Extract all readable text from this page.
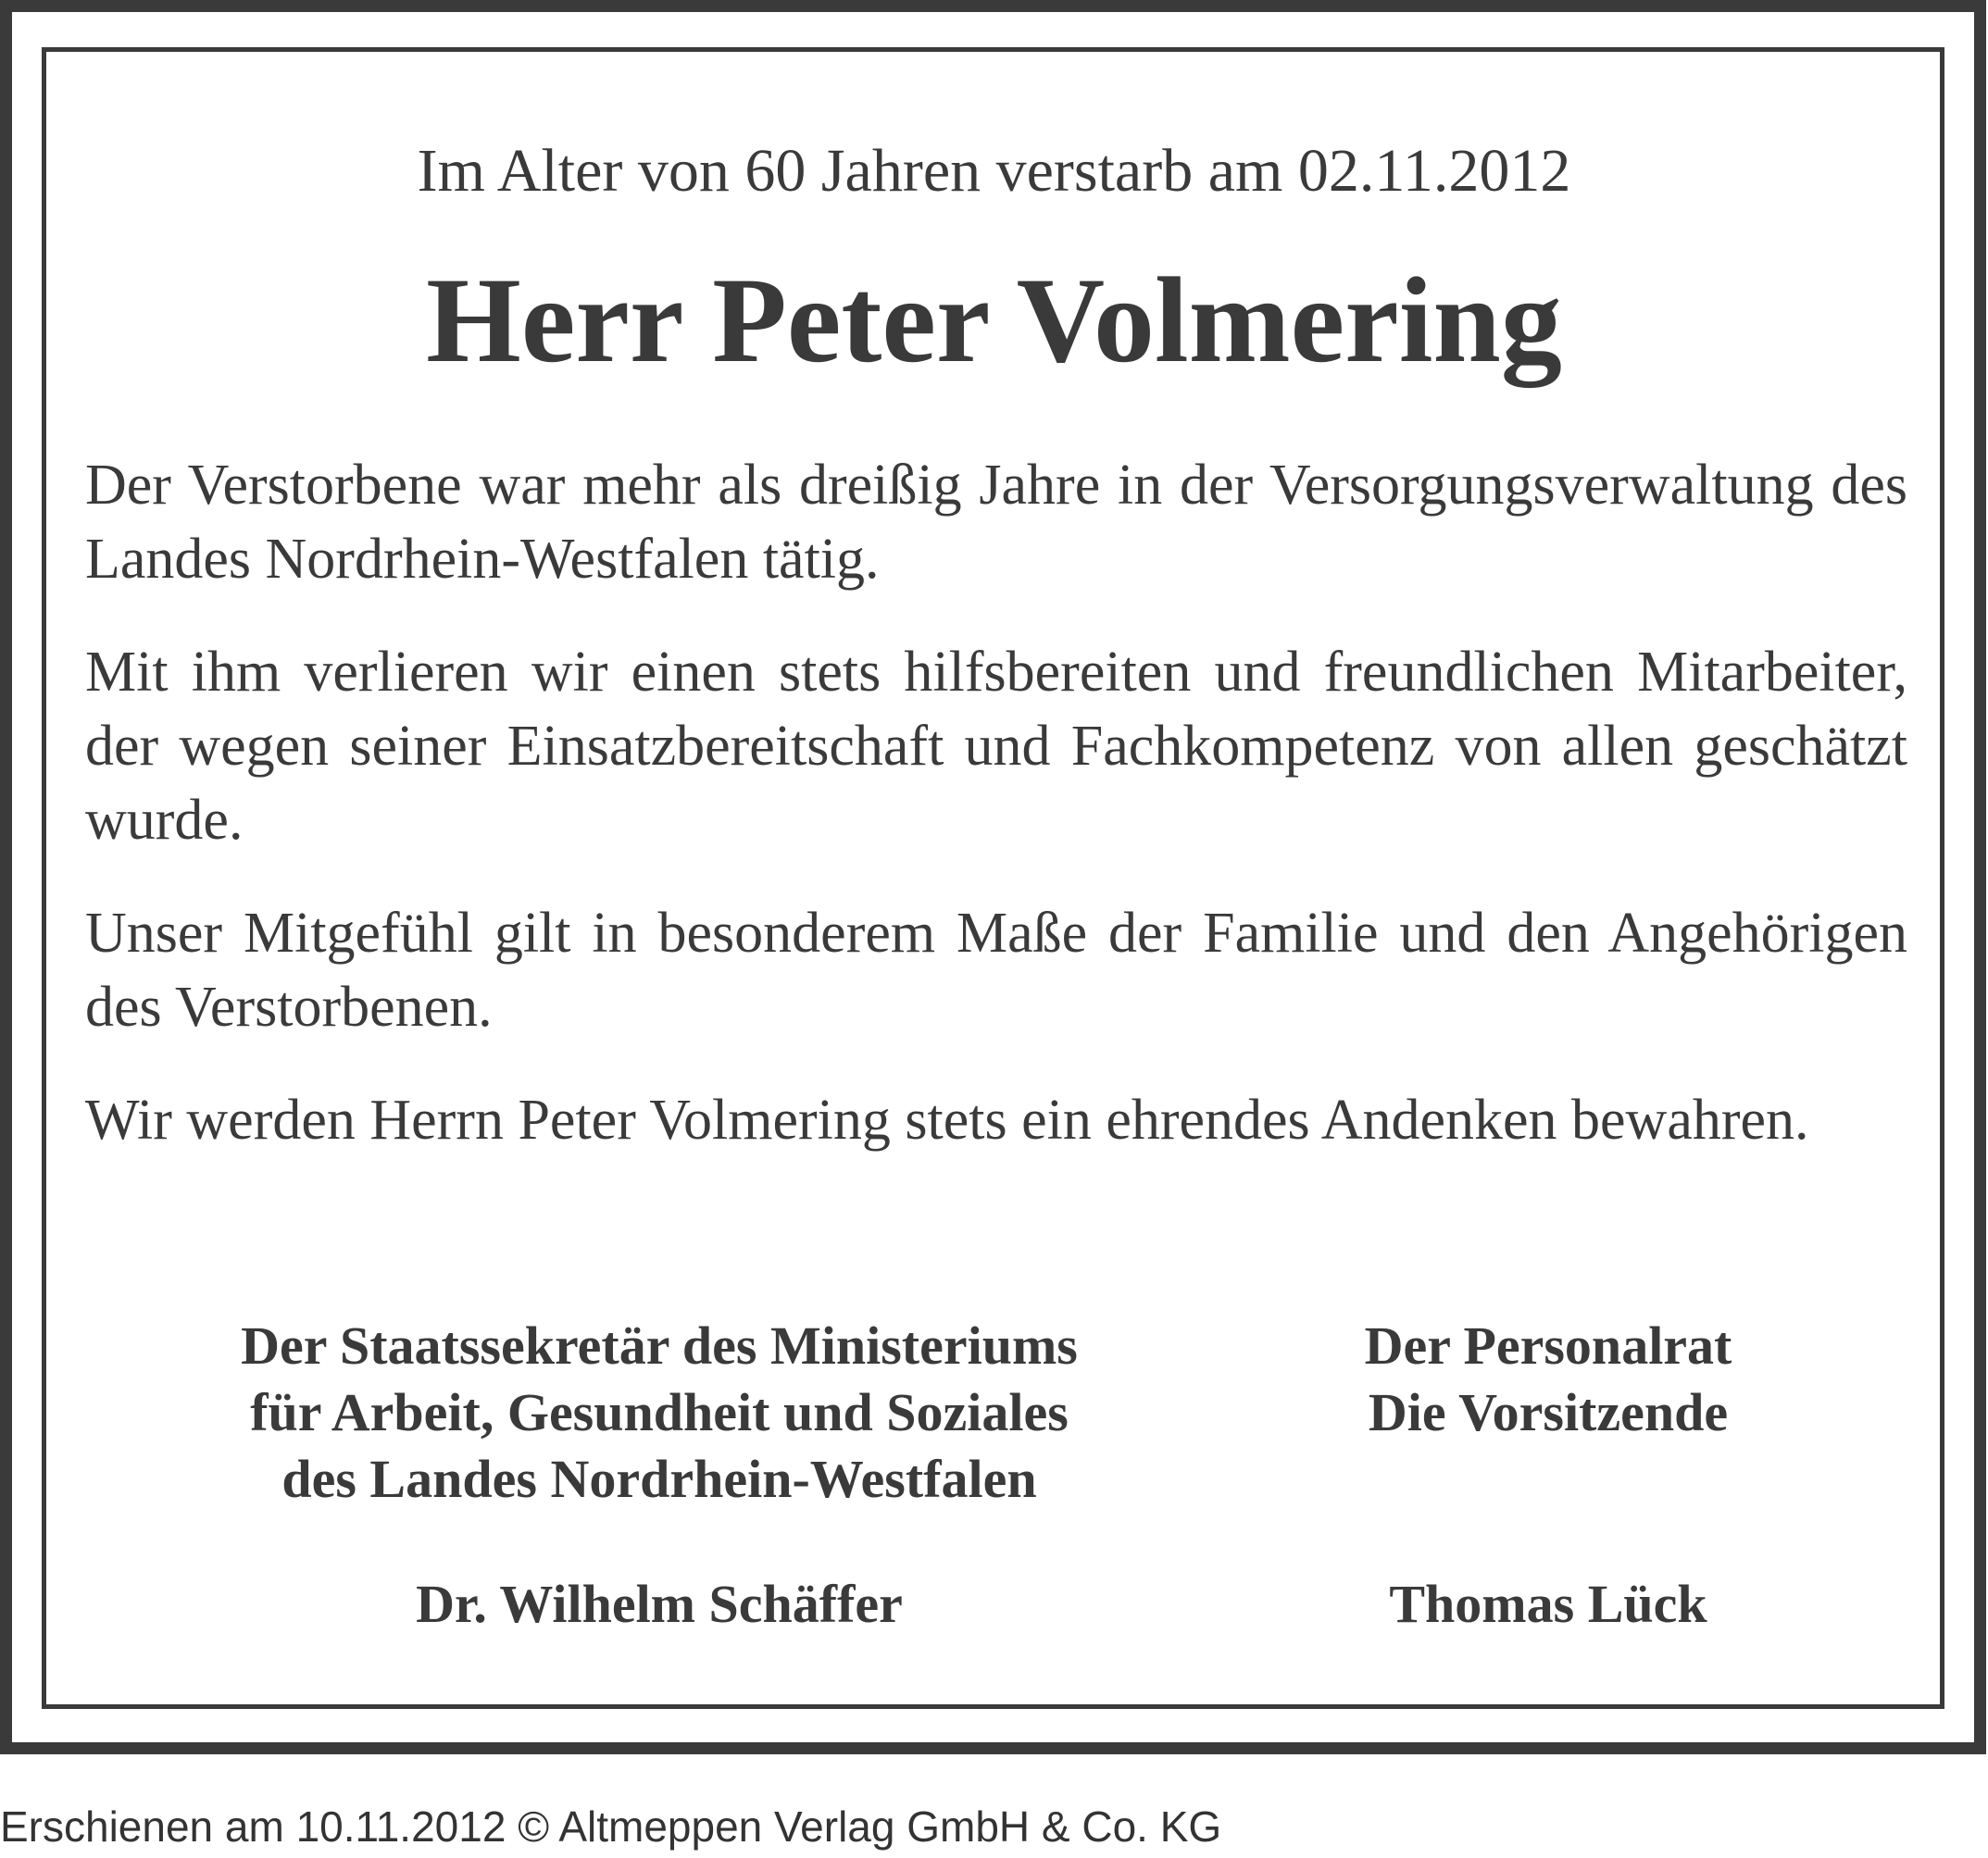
Im Alter von 60 Jahren verstarb am 02.11.2012

Herr Peter Volmering

Der Verstorbene war mehr als dreißig Jahre in der Versorgungsverwaltung des Landes Nordrhein-Westfalen tätig.

Mit ihm verlieren wir einen stets hilfsbereiten und freundlichen Mitarbeiter, der wegen seiner Einsatzbereitschaft und Fachkompetenz von allen geschätzt wurde.

Unser Mitgefühl gilt in besonderem Maße der Familie und den Angehörigen des Verstorbenen.

Wir werden Herrn Peter Volmering stets ein ehrendes Andenken bewahren.

Der Staatssekretär des Ministeriums
für Arbeit, Gesundheit und Soziales
des Landes Nordrhein-Westfalen
Dr. Wilhelm Schäffer
Der Personalrat
Die Vorsitzende
Thomas Lück

Erschienen am 10.11.2012 © Altmeppen Verlag GmbH & Co. KG
